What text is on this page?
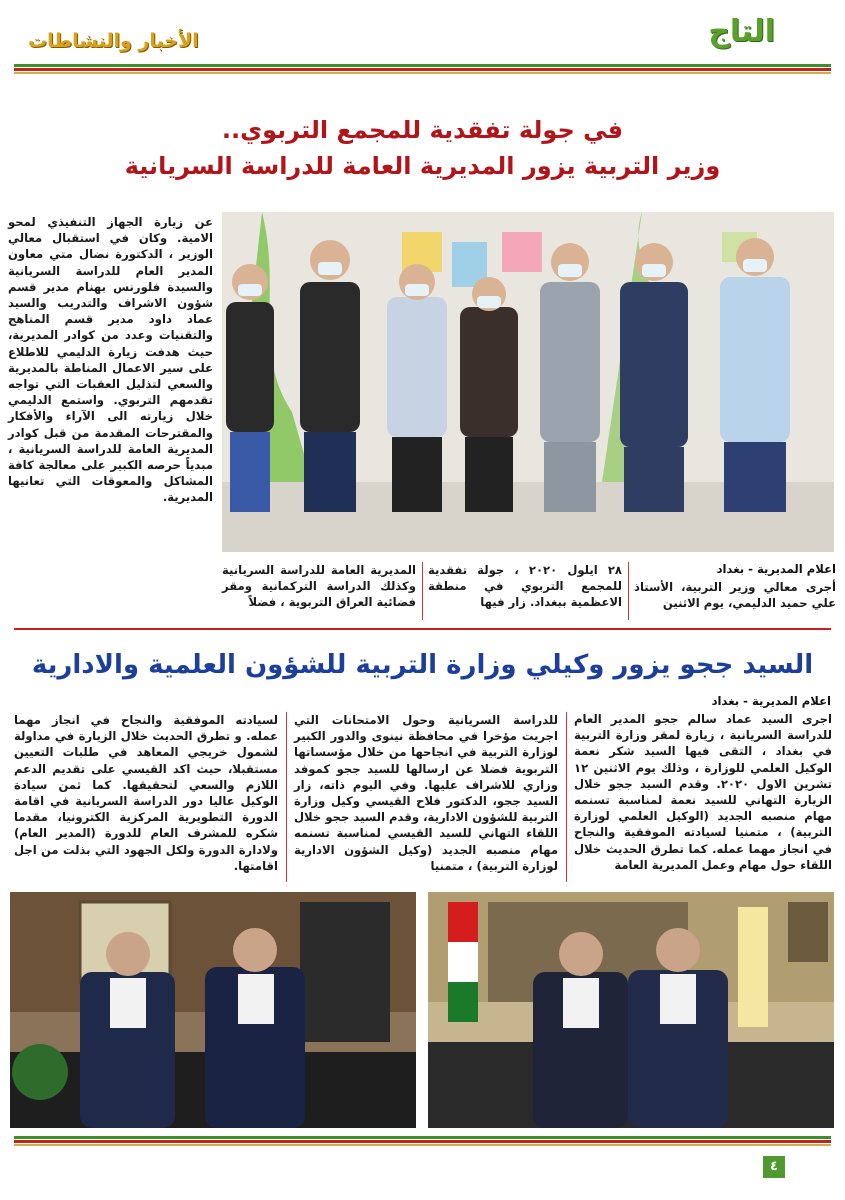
التاج
الأخبار والنشاطات
في جولة تفقدية للمجمع التربوي..
وزير التربية يزور المديرية العامة للدراسة السريانية
عن زيارة الجهاز التنفيذي لمحو الامية. وكان في استقبال معالي الوزير ، الدكتورة نضال متي معاون المدير العام للدراسة السريانية والسيدة فلورنس بهنام مدير قسم شؤون الاشراف والتدريب والسيد عماد داود مدير قسم المناهج والتقنيات وعدد من كوادر المديرية، حيث هدفت زيارة الدليمي للاطلاع على سير الاعمال المناطة بالمديرية والسعي لتذليل العقبات التي تواجه تقدمهم التربوي. واستمع الدليمي خلال زيارته الى الآراء والأفكار والمقترحات المقدمة من قبل كوادر المديرية العامة للدراسة السريانية ، مبدياً حرصه الكبير على معالجة كافة المشاكل والمعوقات التي تعانيها المديرية.
اعلام المديرية - بغداد
أجرى معالي وزير التربية، الأستاذ علي حميد الدليمي، يوم الاثنين
٢٨ ايلول ٢٠٢٠ ، جولة تفقدية للمجمع التربوي في منطقة الاعظمية ببغداد. زار فيها
المديرية العامة للدراسة السريانية وكذلك الدراسة التركمانية ومقر فضائية العراق التربوية ، فضلاً
السيد ججو يزور وكيلي وزارة التربية للشؤون العلمية والادارية
اعلام المديرية - بغداد
اجرى السيد عماد سالم ججو المدير العام للدراسة السريانية ، زيارة لمقر وزارة التربية في بغداد ، التقى فيها السيد شكر نعمة الوكيل العلمي للوزارة ، وذلك يوم الاثنين ١٢ تشرين الاول ٢٠٢٠. وقدم السيد ججو خلال الزيارة التهاني للسيد نعمة لمناسبة تسنمه مهام منصبه الجديد (الوكيل العلمي لوزارة التربية) ، متمنيا لسيادته الموفقية والنجاح في انجاز مهما عمله. كما تطرق الحديث خلال اللقاء حول مهام وعمل المديرية العامة
للدراسة السريانية وحول الامتحانات التي اجريت مؤخرا في محافظة نينوى والدور الكبير لوزارة التربية في انجاحها من خلال مؤسساتها التربوية فضلا عن ارسالها للسيد ججو كموفد وزاري للاشراف عليها. وفي اليوم ذاته، زار السيد ججو، الدكتور فلاح القيسي وكيل وزارة التربية للشؤون الادارية، وقدم السيد ججو خلال اللقاء التهاني للسيد القيسي لمناسبة تسنمه مهام منصبه الجديد (وكيل الشؤون الادارية لوزارة التربية) ، متمنيا
لسيادته الموفقية والنجاح في انجاز مهما عمله. و تطرق الحديث خلال الزيارة في مداولة لشمول خريجي المعاهد في طلبات التعيين مستقبلا، حيث اكد القيسي على تقديم الدعم اللازم والسعي لتحقيقها. كما ثمن سيادة الوكيل عاليا دور الدراسة السريانية في اقامة الدورة التطويرية المركزية الكترونيا، مقدما شكره للمشرف العام للدورة (المدير العام) ولادارة الدورة ولكل الجهود التي بذلت من اجل اقامتها.
٤
